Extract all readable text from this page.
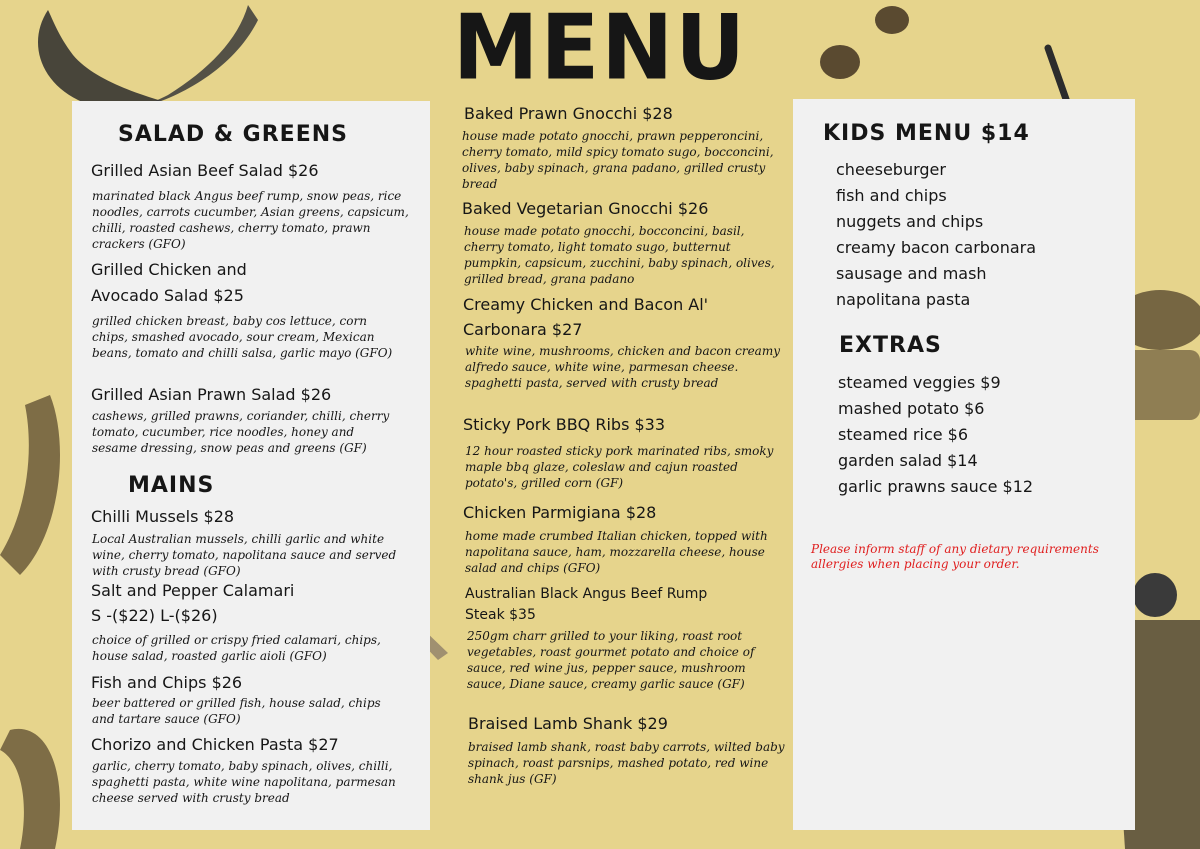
MENU
SALAD & GREENS
Grilled Asian Beef Salad $26
marinated black Angus beef rump, snow peas, rice noodles, carrots cucumber, Asian greens, capsicum, chilli, roasted cashews, cherry tomato, prawn crackers (GFO)
Grilled Chicken and
Avocado Salad $25
grilled chicken breast, baby cos lettuce, corn chips, smashed avocado, sour cream, Mexican beans, tomato and chilli salsa, garlic mayo (GFO)
Grilled Asian Prawn Salad $26
cashews, grilled prawns, coriander, chilli, cherry tomato, cucumber, rice noodles, honey and sesame dressing, snow peas and greens (GF)
MAINS
Chilli Mussels $28
Local Australian mussels, chilli garlic and white wine, cherry tomato, napolitana sauce and served with crusty bread (GFO)
Salt and Pepper Calamari
S -($22) L-($26)
choice of grilled or crispy fried calamari, chips, house salad, roasted garlic aioli (GFO)
Fish and Chips $26
beer battered or grilled fish, house salad, chips and tartare sauce (GFO)
Chorizo and Chicken Pasta $27
garlic, cherry tomato, baby spinach, olives, chilli, spaghetti pasta, white wine napolitana, parmesan cheese served with crusty bread
Baked Prawn Gnocchi $28
house made potato gnocchi, prawn pepperoncini, cherry tomato, mild spicy tomato sugo, bocconcini, olives, baby spinach, grana padano, grilled crusty bread
Baked Vegetarian Gnocchi $26
house made potato gnocchi, bocconcini, basil, cherry tomato, light tomato sugo, butternut pumpkin, capsicum, zucchini, baby spinach, olives, grilled bread, grana padano
Creamy Chicken and Bacon Al'
Carbonara $27
white wine, mushrooms, chicken and bacon creamy alfredo sauce, white wine, parmesan cheese. spaghetti pasta, served with crusty bread
Sticky Pork BBQ Ribs $33
12 hour roasted sticky pork marinated ribs, smoky maple bbq glaze, coleslaw and cajun roasted potato's, grilled corn (GF)
Chicken Parmigiana $28
home made crumbed Italian chicken, topped with napolitana sauce, ham, mozzarella cheese, house salad and chips (GFO)
Australian Black Angus Beef Rump
Steak $35
250gm charr grilled to your liking, roast root vegetables, roast gourmet potato and choice of sauce, red wine jus, pepper sauce, mushroom sauce, Diane sauce, creamy garlic sauce (GF)
Braised Lamb Shank $29
braised lamb shank, roast baby carrots, wilted baby spinach, roast parsnips, mashed potato, red wine shank jus (GF)
KIDS MENU $14
cheeseburger
fish and chips
nuggets and chips
creamy bacon carbonara
sausage and mash
napolitana pasta
EXTRAS
steamed veggies $9
mashed potato $6
steamed rice $6
garden salad $14
garlic prawns sauce $12
Please inform staff of any dietary requirements allergies when placing your order.
